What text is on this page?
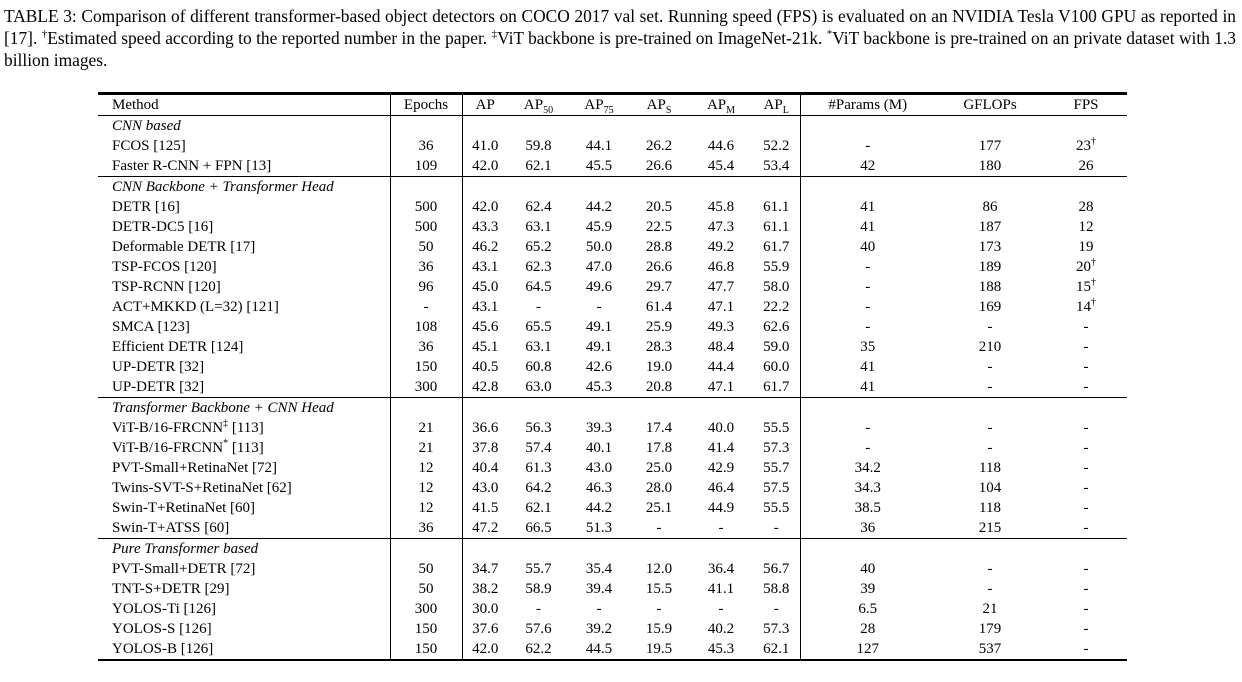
TABLE 3: Comparison of different transformer-based object detectors on COCO 2017 val set. Running speed (FPS) is evaluated on an NVIDIA Tesla V100 GPU as reported in [17]. †Estimated speed according to the reported number in the paper. ‡ViT backbone is pre-trained on ImageNet-21k. *ViT backbone is pre-trained on an private dataset with 1.3 billion images.
Method	Epochs	AP	$AP_{50}$	$AP_{75}$	$AP_S$	$AP_M$	$AP_L$	#Params (M)	GFLOPs	FPS
CNN based										
FCOS [125]	36	41.0	59.8	44.1	26.2	44.6	52.2	-	177	23†
Faster R-CNN + FPN [13]	109	42.0	62.1	45.5	26.6	45.4	53.4	42	180	26
CNN Backbone + Transformer Head										
DETR [16]	500	42.0	62.4	44.2	20.5	45.8	61.1	41	86	28
DETR-DC5 [16]	500	43.3	63.1	45.9	22.5	47.3	61.1	41	187	12
Deformable DETR [17]	50	46.2	65.2	50.0	28.8	49.2	61.7	40	173	19
TSP-FCOS [120]	36	43.1	62.3	47.0	26.6	46.8	55.9	-	189	20†
TSP-RCNN [120]	96	45.0	64.5	49.6	29.7	47.7	58.0	-	188	15†
ACT+MKKD (L=32) [121]	-	43.1	-	-	61.4	47.1	22.2	-	169	14†
SMCA [123]	108	45.6	65.5	49.1	25.9	49.3	62.6	-	-	-
Efficient DETR [124]	36	45.1	63.1	49.1	28.3	48.4	59.0	35	210	-
UP-DETR [32]	150	40.5	60.8	42.6	19.0	44.4	60.0	41	-	-
UP-DETR [32]	300	42.8	63.0	45.3	20.8	47.1	61.7	41	-	-
Transformer Backbone + CNN Head										
ViT-B/16-FRCNN‡ [113]	21	36.6	56.3	39.3	17.4	40.0	55.5	-	-	-
ViT-B/16-FRCNN* [113]	21	37.8	57.4	40.1	17.8	41.4	57.3	-	-	-
PVT-Small+RetinaNet [72]	12	40.4	61.3	43.0	25.0	42.9	55.7	34.2	118	-
Twins-SVT-S+RetinaNet [62]	12	43.0	64.2	46.3	28.0	46.4	57.5	34.3	104	-
Swin-T+RetinaNet [60]	12	41.5	62.1	44.2	25.1	44.9	55.5	38.5	118	-
Swin-T+ATSS [60]	36	47.2	66.5	51.3	-	-	-	36	215	-
Pure Transformer based										
PVT-Small+DETR [72]	50	34.7	55.7	35.4	12.0	36.4	56.7	40	-	-
TNT-S+DETR [29]	50	38.2	58.9	39.4	15.5	41.1	58.8	39	-	-
YOLOS-Ti [126]	300	30.0	-	-	-	-	-	6.5	21	-
YOLOS-S [126]	150	37.6	57.6	39.2	15.9	40.2	57.3	28	179	-
YOLOS-B [126]	150	42.0	62.2	44.5	19.5	45.3	62.1	127	537	-
